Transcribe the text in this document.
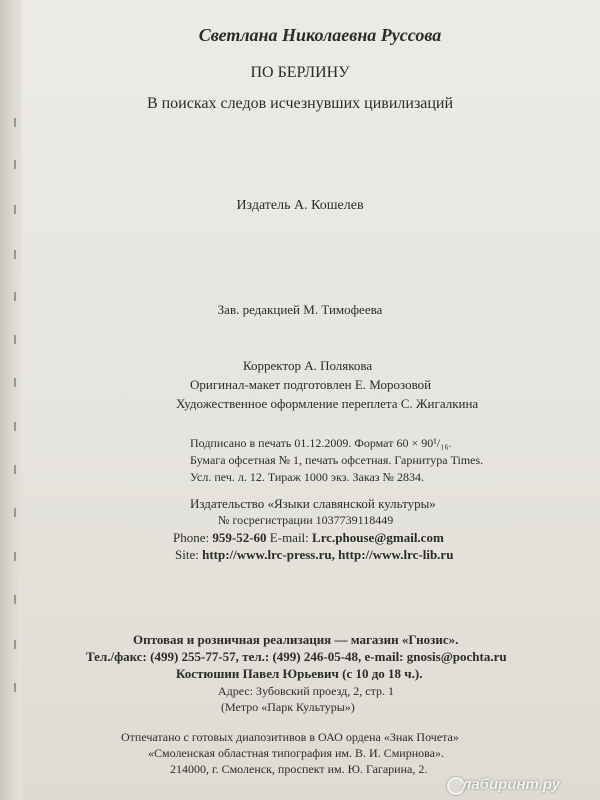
Светлана Николаевна Руссова
ПО БЕРЛИНУ
В поисках следов исчезнувших цивилизаций
Издатель А. Кошелев
Зав. редакцией М. Тимофеева
Корректор А. Полякова
Оригинал-макет подготовлен Е. Морозовой
Художественное оформление переплета С. Жигалкина
Подписано в печать 01.12.2009. Формат 60 × 90¹/₁₆.
Бумага офсетная № 1, печать офсетная. Гарнитура Times.
Усл. печ. л. 12. Тираж 1000 экз. Заказ № 2834.
Издательство «Языки славянской культуры»
№ госрегистрации 1037739118449
Phone: 959-52-60 E-mail: Lrc.phouse@gmail.com
Site: http://www.lrc-press.ru, http://www.lrc-lib.ru
Оптовая и розничная реализация — магазин «Гнозис».
Тел./факс: (499) 255-77-57, тел.: (499) 246-05-48, e-mail: gnosis@pochta.ru
Костюшин Павел Юрьевич (с 10 до 18 ч.).
Адрес: Зубовский проезд, 2, стр. 1
(Метро «Парк Культуры»)
Отпечатано с готовых диапозитивов в ОАО ордена «Знак Почета»
«Смоленская областная типография им. В. И. Смирнова».
214000, г. Смоленск, проспект им. Ю. Гагарина, 2.
лабиринт.ру
